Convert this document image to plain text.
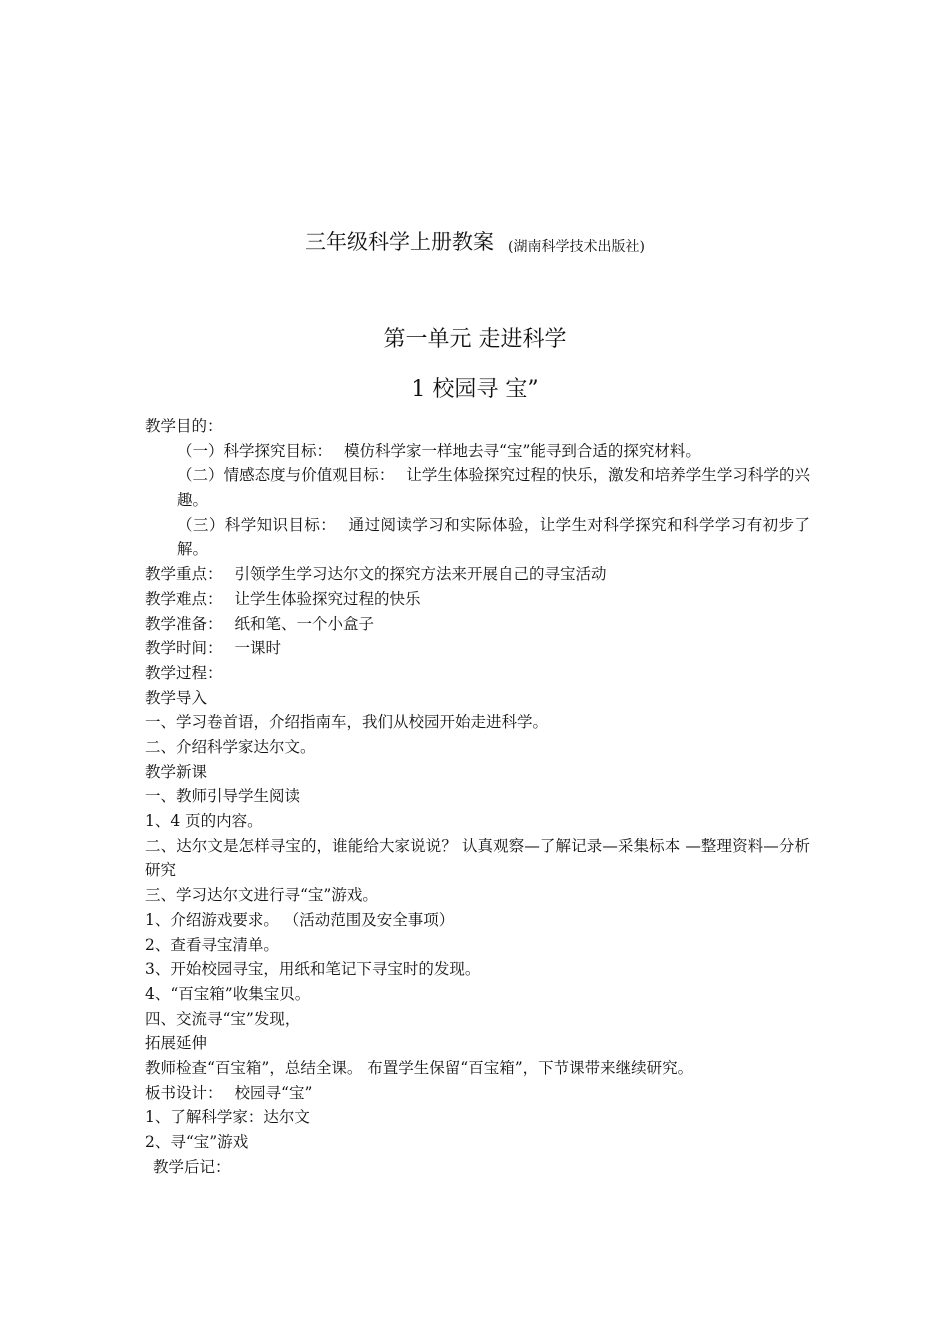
三年级科学上册教案 (湖南科学技术出版社)
第一单元 走进科学
1 校园寻 宝”
教学目的：
（一）科学探究目标： 模仿科学家一样地去寻“宝”能寻到合适的探究材料。
（二）情感态度与价值观目标： 让学生体验探究过程的快乐，激发和培养学生学习科学的兴趣。
（三）科学知识目标： 通过阅读学习和实际体验，让学生对科学探究和科学学习有初步了解。
教学重点： 引领学生学习达尔文的探究方法来开展自己的寻宝活动
教学难点： 让学生体验探究过程的快乐
教学准备： 纸和笔、一个小盒子
教学时间： 一课时
教学过程：
教学导入
一、学习卷首语，介绍指南车，我们从校园开始走进科学。
二、介绍科学家达尔文。
教学新课
一、教师引导学生阅读
1、4 页的内容。
二、达尔文是怎样寻宝的，谁能给大家说说？ 认真观察—了解记录—采集标本 —整理资料—分析研究
三、学习达尔文进行寻“宝”游戏。
1、介绍游戏要求。 （活动范围及安全事项）
2、查看寻宝清单。
3、开始校园寻宝，用纸和笔记下寻宝时的发现。
4、“百宝箱”收集宝贝。
四、交流寻“宝”发现，
拓展延伸
教师检查“百宝箱”，总结全课。 布置学生保留“百宝箱”，下节课带来继续研究。
板书设计： 校园寻“宝”
1、了解科学家：达尔文
2、寻“宝”游戏
教学后记：
